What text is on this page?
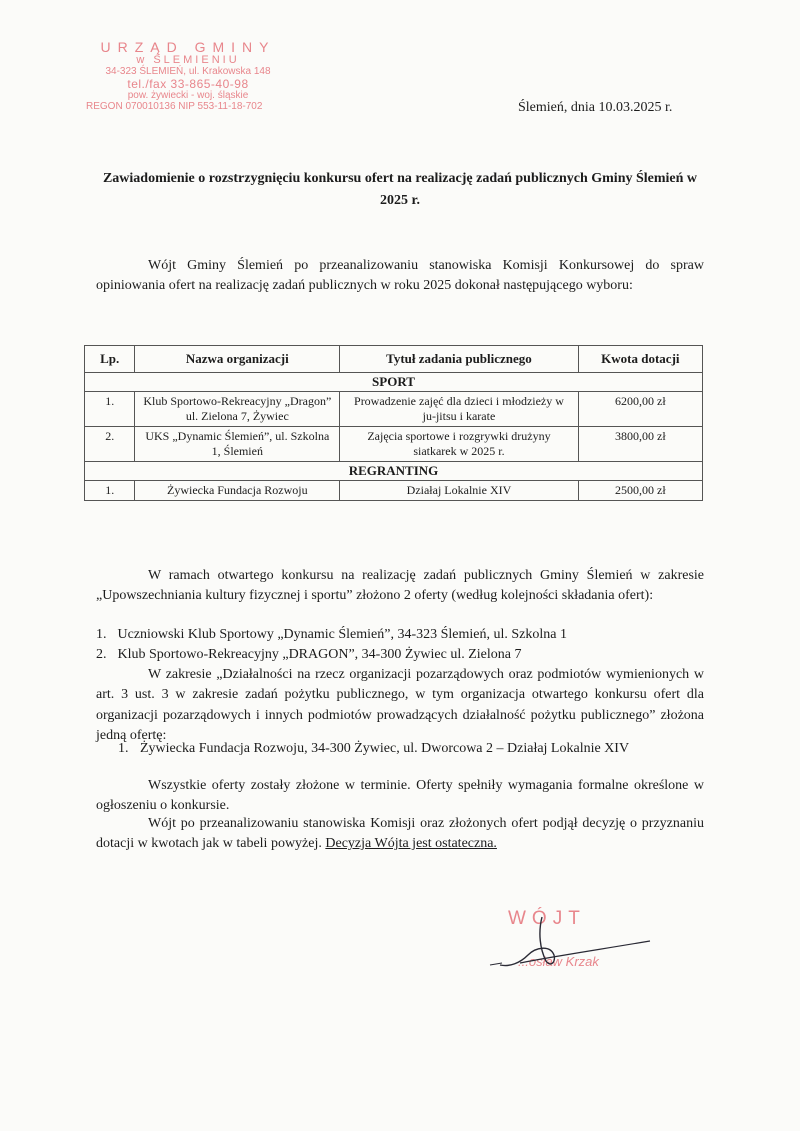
URZĄD GMINY
w ŚLEMIENIU
34-323 ŚLEMIEŃ, ul. Krakowska 148
tel./fax 33-865-40-98
pow. żywiecki - woj. śląskie
REGON 070010136 NIP 553-11-18-702	Ślemień, dnia 10.03.2025 r.
Zawiadomienie o rozstrzygnięciu konkursu ofert na realizację zadań publicznych Gminy Ślemień w 2025 r.
Wójt Gminy Ślemień po przeanalizowaniu stanowiska Komisji Konkursowej do spraw opiniowania ofert na realizację zadań publicznych w roku 2025 dokonał następującego wyboru:
Lp.	Nazwa organizacji	Tytuł zadania publicznego	Kwota dotacji
SPORT			
1.	Klub Sportowo-Rekreacyjny „Dragon” ul. Zielona 7, Żywiec	Prowadzenie zajęć dla dzieci i młodzieży w ju-jitsu i karate	6200,00 zł
2.	UKS „Dynamic Ślemień”, ul. Szkolna 1, Ślemień	Zajęcia sportowe i rozgrywki drużyny siatkarek w 2025 r.	3800,00 zł
REGRANTING			
1.	Żywiecka Fundacja Rozwoju	Działaj Lokalnie XIV	2500,00 zł
W ramach otwartego konkursu na realizację zadań publicznych Gminy Ślemień w zakresie „Upowszechniania kultury fizycznej i sportu” złożono 2 oferty (według kolejności składania ofert):
1. Uczniowski Klub Sportowy „Dynamic Ślemień”, 34-323 Ślemień, ul. Szkolna 1
2. Klub Sportowo-Rekreacyjny „DRAGON”, 34-300 Żywiec ul. Zielona 7
W zakresie „Działalności na rzecz organizacji pozarządowych oraz podmiotów wymienionych w art. 3 ust. 3 w zakresie zadań pożytku publicznego, w tym organizacja otwartego konkursu ofert dla organizacji pozarządowych i innych podmiotów prowadzących działalność pożytku publicznego” złożona jedną ofertę:
1. Żywiecka Fundacja Rozwoju, 34-300 Żywiec, ul. Dworcowa 2 – Działaj Lokalnie XIV
Wszystkie oferty zostały złożone w terminie. Oferty spełniły wymagania formalne określone w ogłoszeniu o konkursie.
Wójt po przeanalizowaniu stanowiska Komisji oraz złożonych ofert podjął decyzję o przyznaniu dotacji w kwotach jak w tabeli powyżej. Decyzja Wójta jest ostateczna.
WÓJT
...osław Krzak
